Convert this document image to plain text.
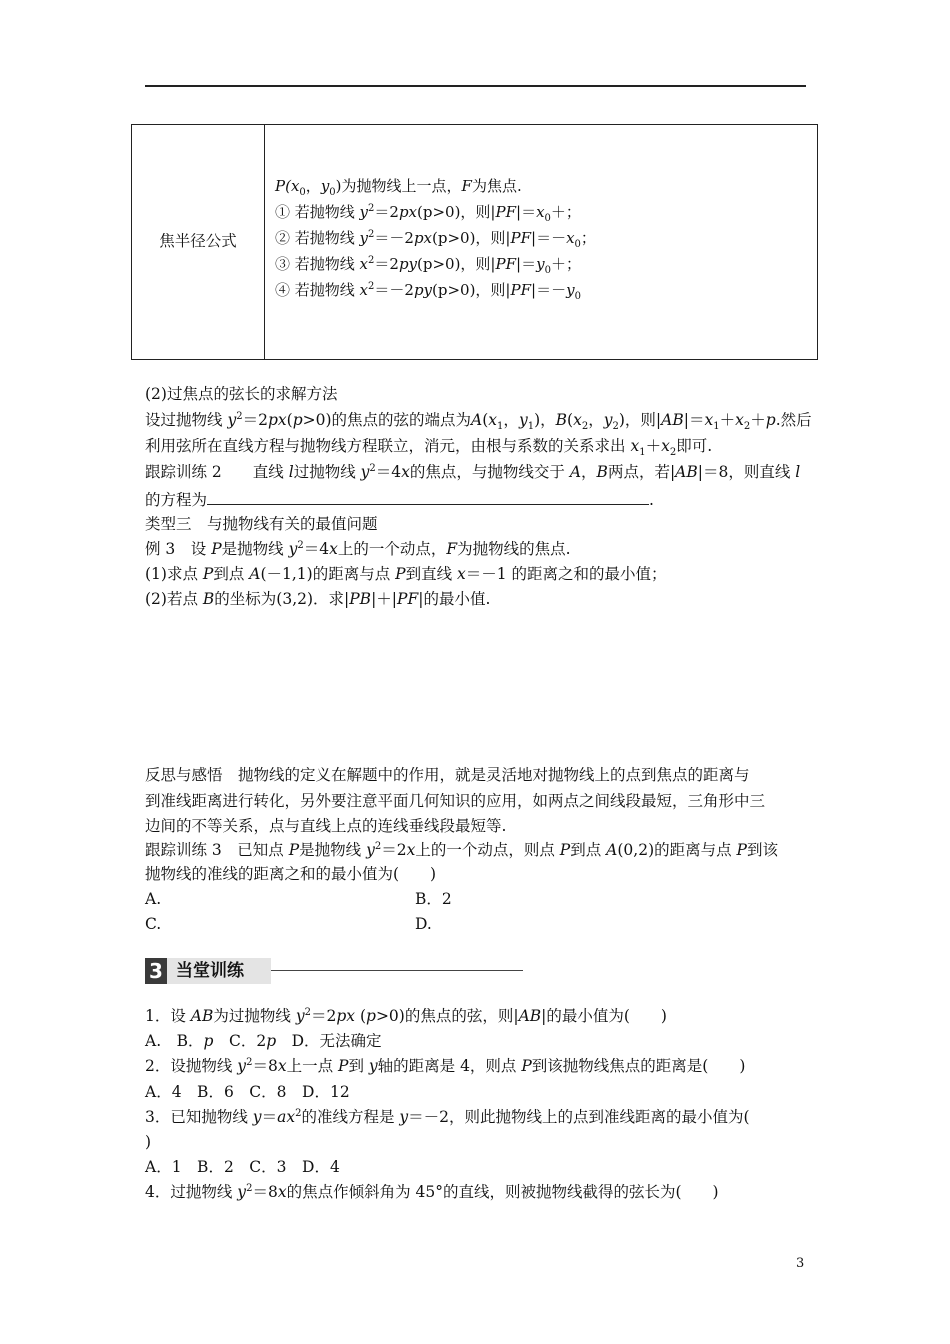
焦半径公式
$P(x_0$，$y_0$)为抛物线上一点，F为焦点.
① 若抛物线 $y^2=2px(p>0)$，则$|PF|=x_0+$；
② 若抛物线 $y^2=-2px(p>0)$，则$|PF|=-x_0$；
③ 若抛物线 $x^2=2py(p>0)$，则$|PF|=y_0+$；
④ 若抛物线 $x^2=-2py(p>0)$，则$|PF|=-y_0$
(2)过焦点的弦长的求解方法
设过抛物线 $y^2=2px(p>0)$的焦点的弦的端点为$A(x_1$，$y_1$)，$B(x_2$，$y_2$)，则$|AB|=x_1+x_2+p$.然后
利用弦所在直线方程与抛物线方程联立，消元，由根与系数的关系求出 $x_1+x_2$即可.
跟踪训练 2　　直线 l过抛物线 $y^2=4x$的焦点，与抛物线交于 A，B两点，若|AB|＝8，则直线 l
的方程为	.
类型三　与抛物线有关的最值问题
例 3　设 P是抛物线 $y^2=4x$上的一个动点，F为抛物线的焦点.
(1)求点 P到点 A(－1,1)的距离与点 P到直线 x＝－1 的距离之和的最小值；
(2)若点 B的坐标为(3,2)．求|PB|＋|PF|的最小值.
反思与感悟　抛物线的定义在解题中的作用，就是灵活地对抛物线上的点到焦点的距离与
到准线距离进行转化，另外要注意平面几何知识的应用，如两点之间线段最短，三角形中三
边间的不等关系，点与直线上点的连线垂线段最短等.
跟踪训练 3　已知点 P是抛物线 $y^2=2x$上的一个动点，则点 P到点 A(0,2)的距离与点 P到该
抛物线的准线的距离之和的最小值为(　　)
A.	B．2
C.	D.
3 当堂训练
1．设 AB为过抛物线 $y^2=2px$ (p>0)的焦点的弦，则|AB|的最小值为(　　)
A.　B．p　C．2p　D．无法确定
2．设抛物线 $y^2=8x$上一点 P到 y轴的距离是 4，则点 P到该抛物线焦点的距离是(　　)
A．4　B．6　C．8　D．12
3．已知抛物线 $y=ax^2$的准线方程是 y＝－2，则此抛物线上的点到准线距离的最小值为(
)
A．1　B．2　C．3　D．4
4．过抛物线 $y^2=8x$的焦点作倾斜角为 45°的直线，则被抛物线截得的弦长为(　　)
3
